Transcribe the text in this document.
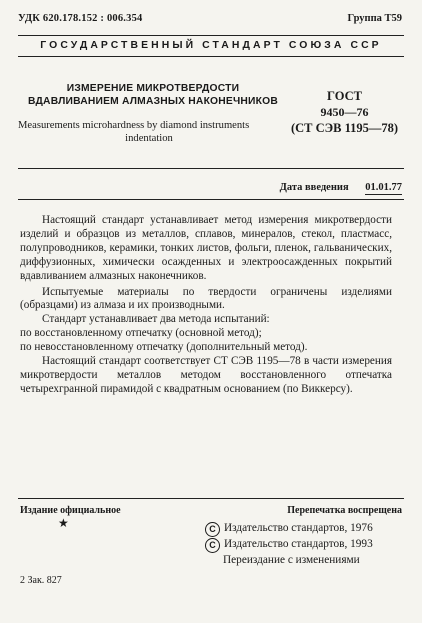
УДК 620.178.152 : 006.354	Группа Т59
ГОСУДАРСТВЕННЫЙ СТАНДАРТ СОЮЗА ССР
ИЗМЕРЕНИЕ МИКРОТВЕРДОСТИ
ВДАВЛИВАНИЕМ АЛМАЗНЫХ НАКОНЕЧНИКОВ
Measurements microhardness by diamond instruments
indentation
ГОСТ
9450—76
(СТ СЭВ 1195—78)
Дата введения 01.01.77

Настоящий стандарт устанавливает метод измерения микротвердости изделий и образцов из металлов, сплавов, минералов, стекол, пластмасс, полупроводников, керамики, тонких листов, фольги, пленок, гальванических, диффузионных, химически осажденных и электроосажденных покрытий вдавливанием алмазных наконечников.

Испытуемые материалы по твердости ограничены изделиями (образцами) из алмаза и их производными.

Стандарт устанавливает два метода испытаний:

по восстановленному отпечатку (основной метод);

по невосстановленному отпечатку (дополнительный метод).

Настоящий стандарт соответствует СТ СЭВ 1195—78 в части измерения микротвердости металлов методом восстановленного отпечатка четырехгранной пирамидой с квадратным основанием (по Виккерсу).

Издание официальное	Перепечатка воспрещена
★	С Издательство стандартов, 1976
С Издательство стандартов, 1993
Переиздание с изменениями
2 Зак. 827
